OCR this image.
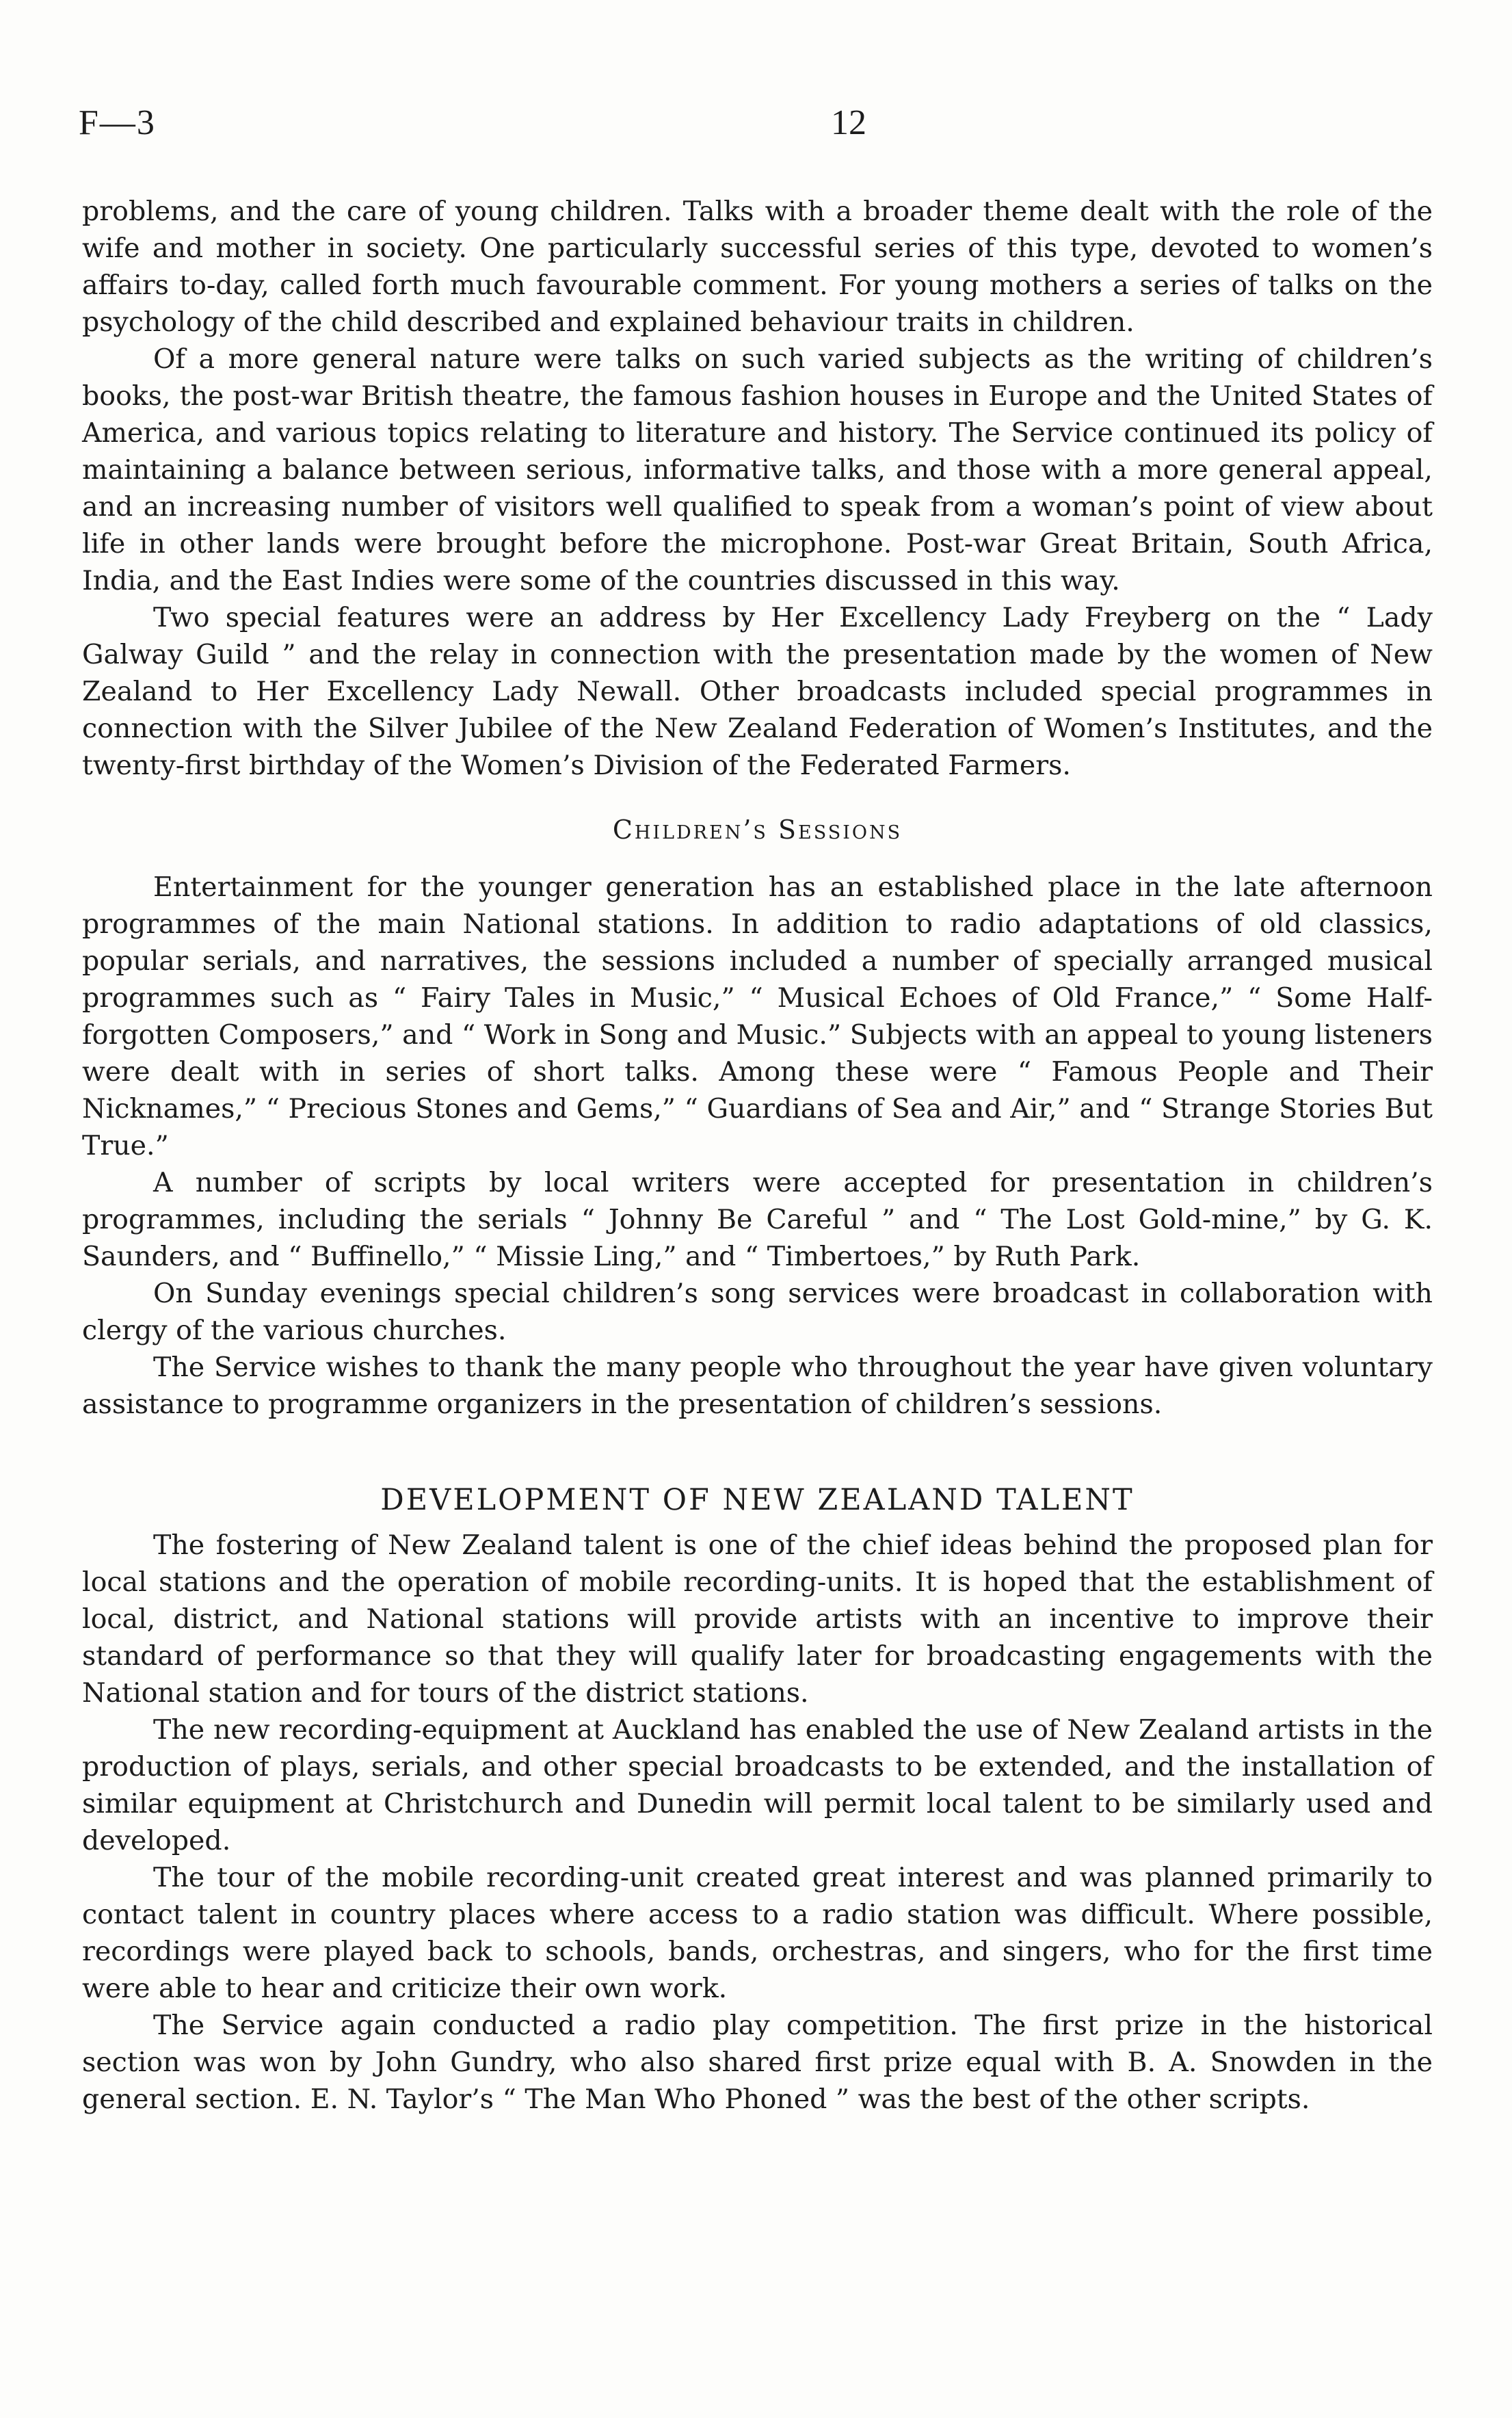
F—3	12

problems, and the care of young children. Talks with a broader theme dealt with the role of the wife and mother in society. One particularly successful series of this type, devoted to women’s affairs to-day, called forth much favourable comment. For young mothers a series of talks on the psychology of the child described and explained behaviour traits in children.

Of a more general nature were talks on such varied subjects as the writing of children’s books, the post-war British theatre, the famous fashion houses in Europe and the United States of America, and various topics relating to literature and history. The Service continued its policy of maintaining a balance between serious, informative talks, and those with a more general appeal, and an increasing number of visitors well qualified to speak from a woman’s point of view about life in other lands were brought before the microphone. Post-war Great Britain, South Africa, India, and the East Indies were some of the countries discussed in this way.

Two special features were an address by Her Excellency Lady Freyberg on the “ Lady Galway Guild ” and the relay in connection with the presentation made by the women of New Zealand to Her Excellency Lady Newall. Other broadcasts included special programmes in connection with the Silver Jubilee of the New Zealand Federation of Women’s Institutes, and the twenty-first birthday of the Women’s Division of the Federated Farmers.

Children’s Sessions

Entertainment for the younger generation has an established place in the late afternoon programmes of the main National stations. In addition to radio adaptations of old classics, popular serials, and narratives, the sessions included a number of specially arranged musical programmes such as “ Fairy Tales in Music,” “ Musical Echoes of Old France,” “ Some Half-forgotten Composers,” and “ Work in Song and Music.” Subjects with an appeal to young listeners were dealt with in series of short talks. Among these were “ Famous People and Their Nicknames,” “ Precious Stones and Gems,” “ Guardians of Sea and Air,” and “ Strange Stories But True.”

A number of scripts by local writers were accepted for presentation in children’s programmes, including the serials “ Johnny Be Careful ” and “ The Lost Gold-mine,” by G. K. Saunders, and “ Buffinello,” “ Missie Ling,” and “ Timbertoes,” by Ruth Park.

On Sunday evenings special children’s song services were broadcast in collaboration with clergy of the various churches.

The Service wishes to thank the many people who throughout the year have given voluntary assistance to programme organizers in the presentation of children’s sessions.

DEVELOPMENT OF NEW ZEALAND TALENT

The fostering of New Zealand talent is one of the chief ideas behind the proposed plan for local stations and the operation of mobile recording-units. It is hoped that the establishment of local, district, and National stations will provide artists with an incentive to improve their standard of performance so that they will qualify later for broadcasting engagements with the National station and for tours of the district stations.

The new recording-equipment at Auckland has enabled the use of New Zealand artists in the production of plays, serials, and other special broadcasts to be extended, and the installation of similar equipment at Christchurch and Dunedin will permit local talent to be similarly used and developed.

The tour of the mobile recording-unit created great interest and was planned primarily to contact talent in country places where access to a radio station was difficult. Where possible, recordings were played back to schools, bands, orchestras, and singers, who for the first time were able to hear and criticize their own work.

The Service again conducted a radio play competition. The first prize in the historical section was won by John Gundry, who also shared first prize equal with B. A. Snowden in the general section. E. N. Taylor’s “ The Man Who Phoned ” was the best of the other scripts.
